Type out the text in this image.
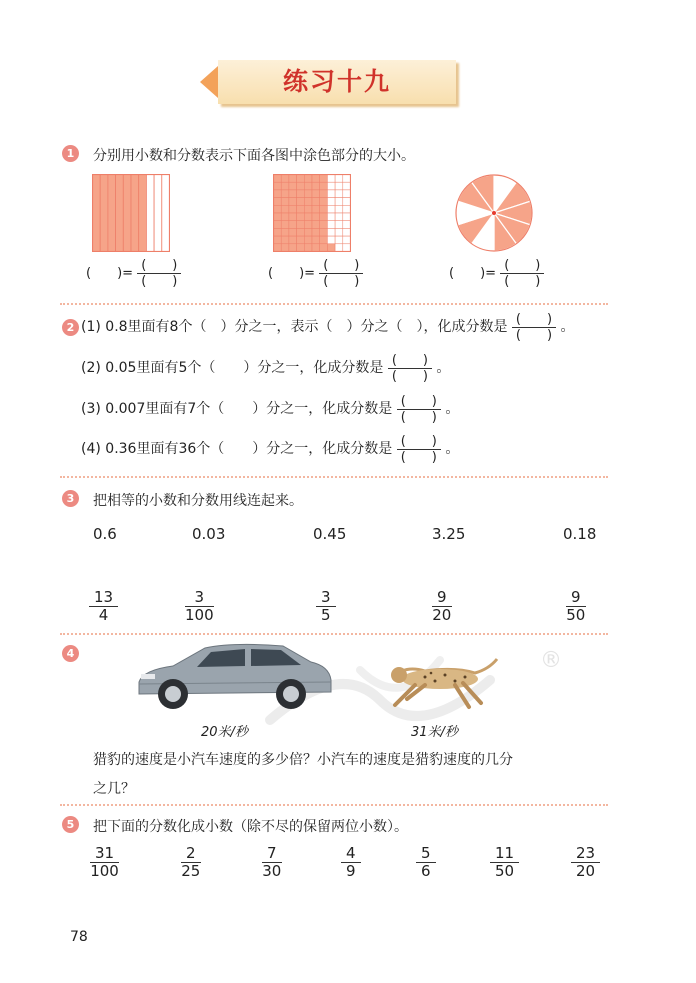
练习十九
1	分别用小数和分数表示下面各图中涂色部分的大小。
(　　)= $\frac{( )}{( )}$	(　　)= $\frac{( )}{( )}$	(　　)= $\frac{( )}{( )}$
2 (1) 0.8里面有8个（　）分之一，表示（　）分之（　），化成分数是 $\frac{( )}{( )}$ 。
(2) 0.05里面有5个（　　）分之一，化成分数是 $\frac{( )}{( )}$ 。
(3) 0.007里面有7个（　　）分之一，化成分数是 $\frac{( )}{( )}$ 。
(4) 0.36里面有36个（　　）分之一，化成分数是 $\frac{( )}{( )}$ 。
3	把相等的小数和分数用线连起来。
0.6	0.03	0.45	3.25	0.18
$\frac{13}{4}$	$\frac{3}{100}$	$\frac{3}{5}$	$\frac{9}{20}$	$\frac{9}{50}$
4	®
20米/秒	31米/秒
猎豹的速度是小汽车速度的多少倍？小汽车的速度是猎豹速度的几分
之几？
5	把下面的分数化成小数（除不尽的保留两位小数）。
$\frac{31}{100}$	$\frac{2}{25}$	$\frac{7}{30}$	$\frac{4}{9}$	$\frac{5}{6}$	$\frac{11}{50}$	$\frac{23}{20}$
78
